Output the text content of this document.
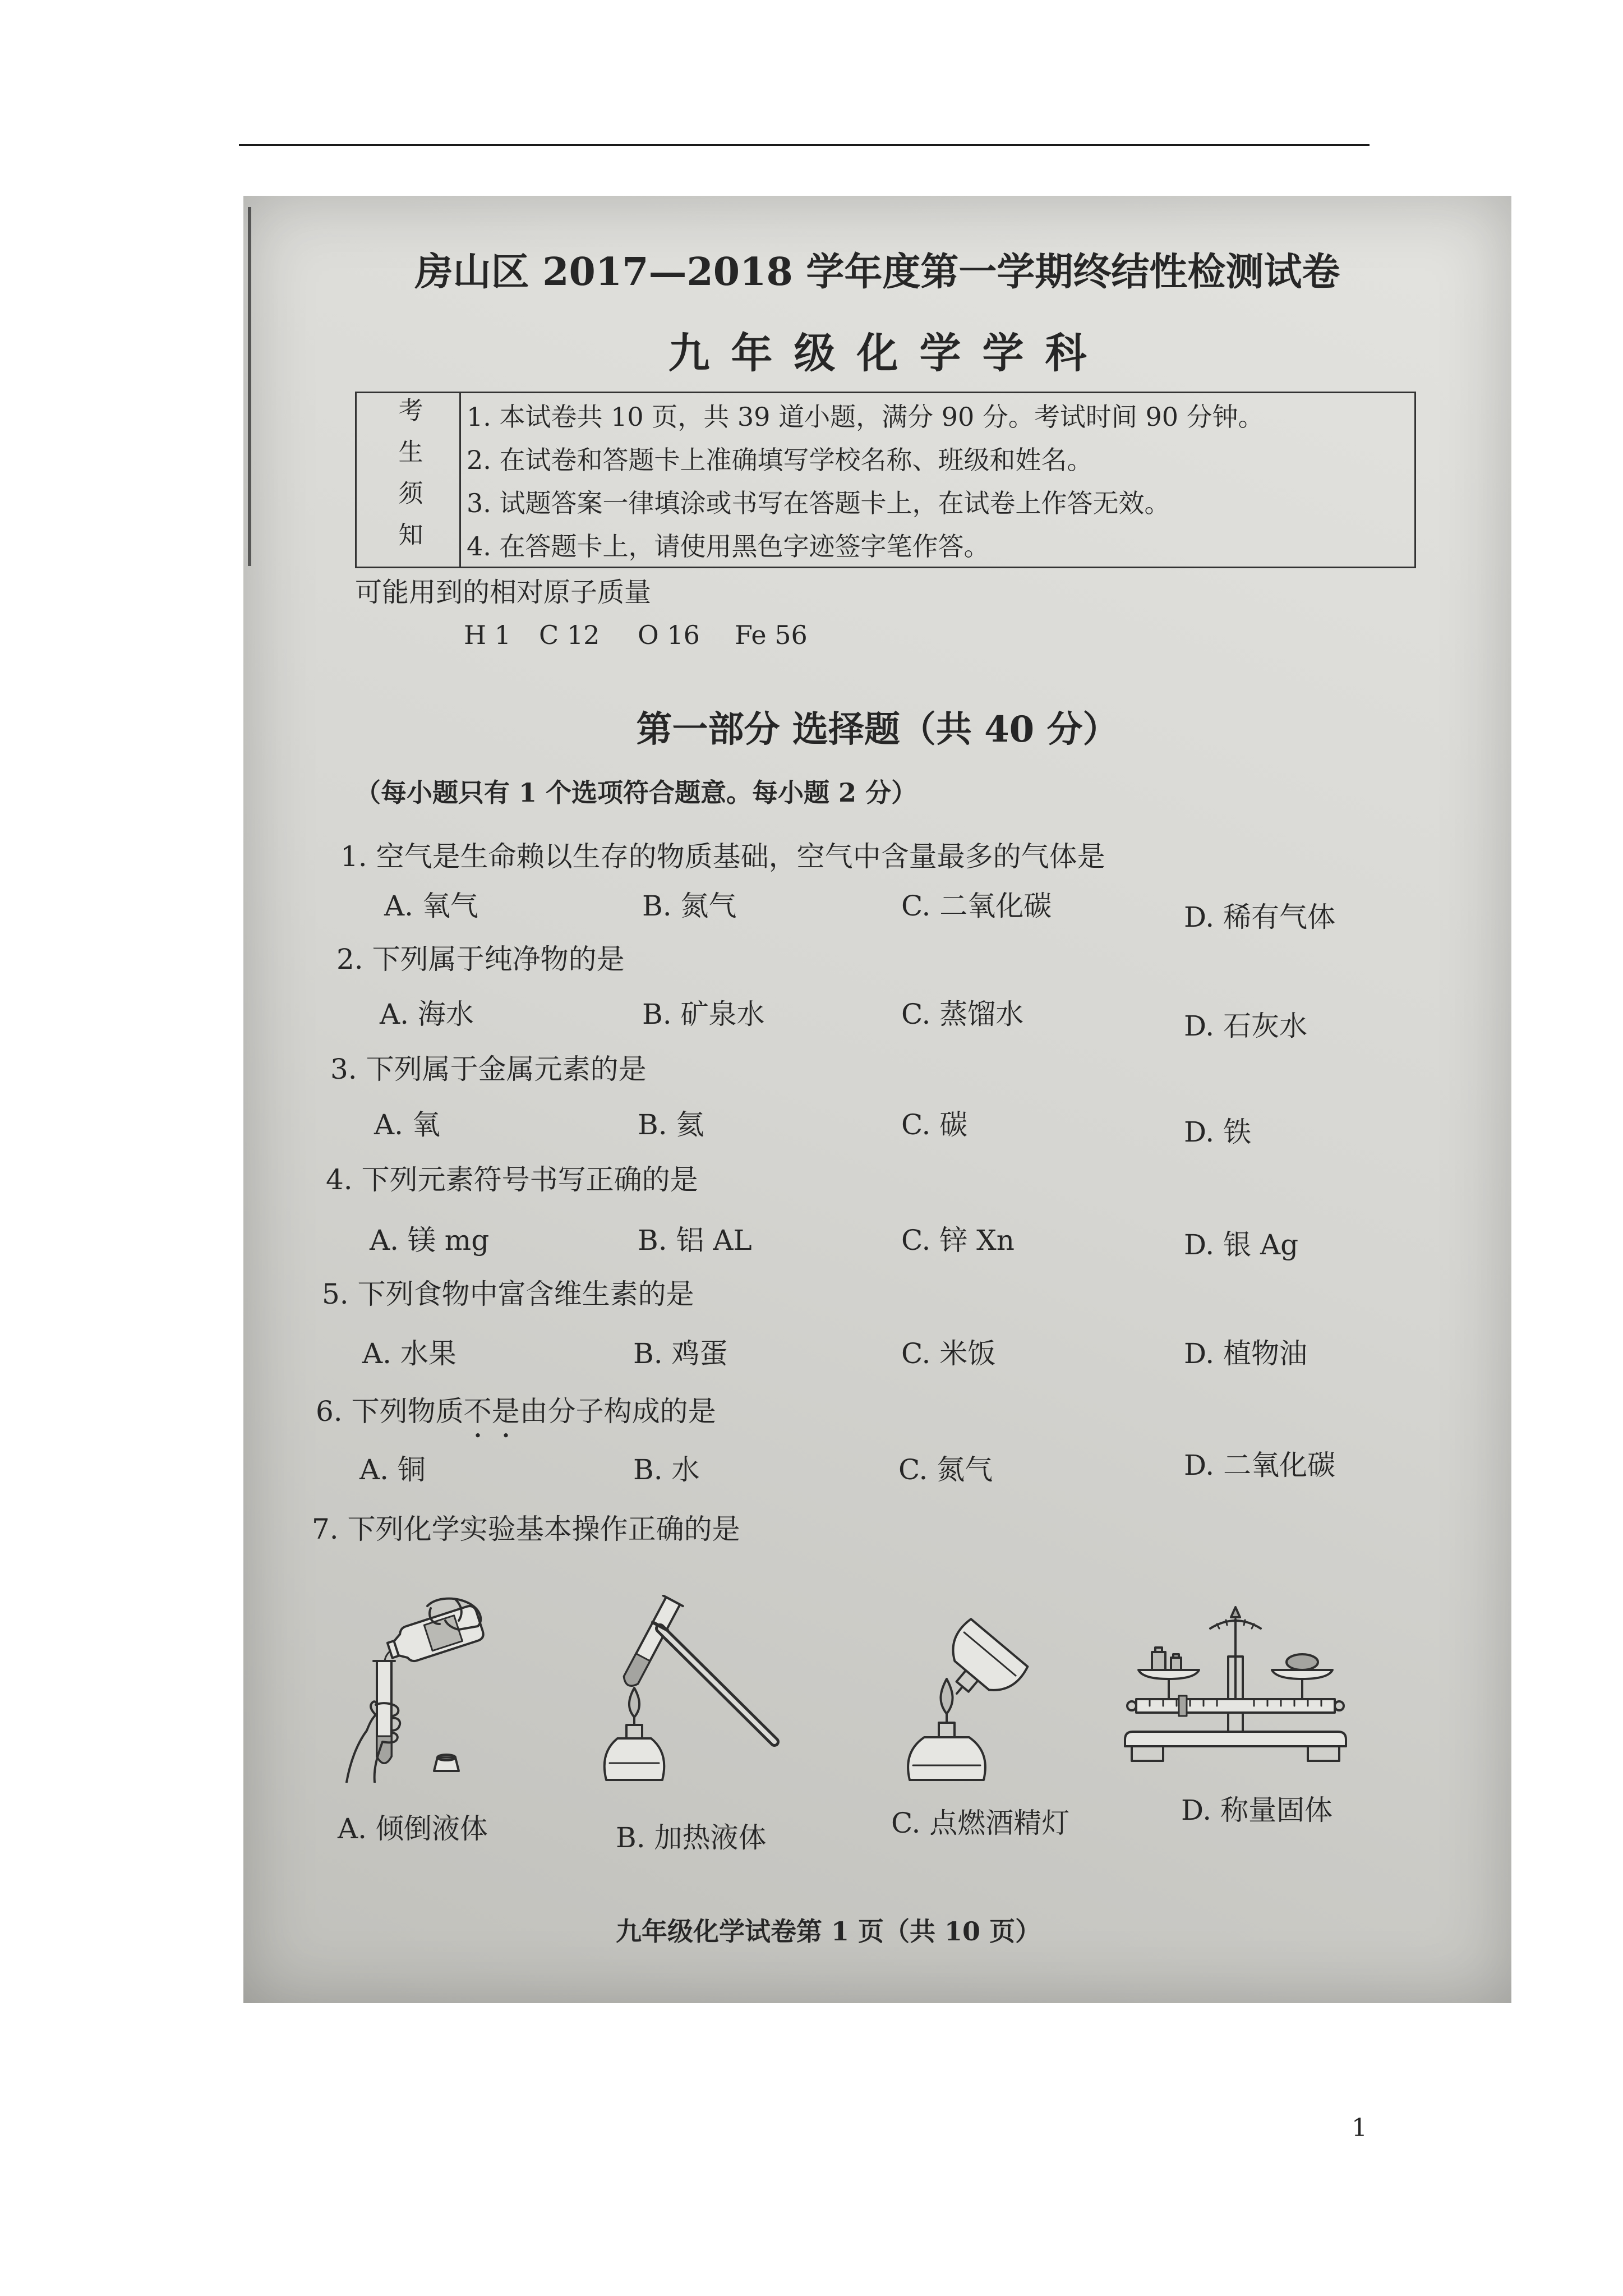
房山区 2017—2018 学年度第一学期终结性检测试卷
九年级化学学科
考生须知 1. 本试卷共 10 页，共 39 道小题，满分 90 分。考试时间 90 分钟。
2. 在试卷和答题卡上准确填写学校名称、班级和姓名。
3. 试题答案一律填涂或书写在答题卡上，在试卷上作答无效。
4. 在答题卡上，请使用黑色字迹签字笔作答。
可能用到的相对原子质量
H 1 C 12 O 16 Fe 56
第一部分 选择题（共 40 分）
（每小题只有 1 个选项符合题意。每小题 2 分）
1. 空气是生命赖以生存的物质基础，空气中含量最多的气体是
A. 氧气	B. 氮气	C. 二氧化碳	D. 稀有气体
2. 下列属于纯净物的是
A. 海水	B. 矿泉水	C. 蒸馏水	D. 石灰水
3. 下列属于金属元素的是
A. 氧	B. 氦	C. 碳	D. 铁
4. 下列元素符号书写正确的是
A. 镁 mg	B. 铝 AL	C. 锌 Xn	D. 银 Ag
5. 下列食物中富含维生素的是
A. 水果	B. 鸡蛋	C. 米饭	D. 植物油
6. 下列物质不是由分子构成的是
A. 铜	B. 水	C. 氮气	D. 二氧化碳
7. 下列化学实验基本操作正确的是
A. 倾倒液体	B. 加热液体	C. 点燃酒精灯	D. 称量固体
九年级化学试卷第 1 页（共 10 页）
1
